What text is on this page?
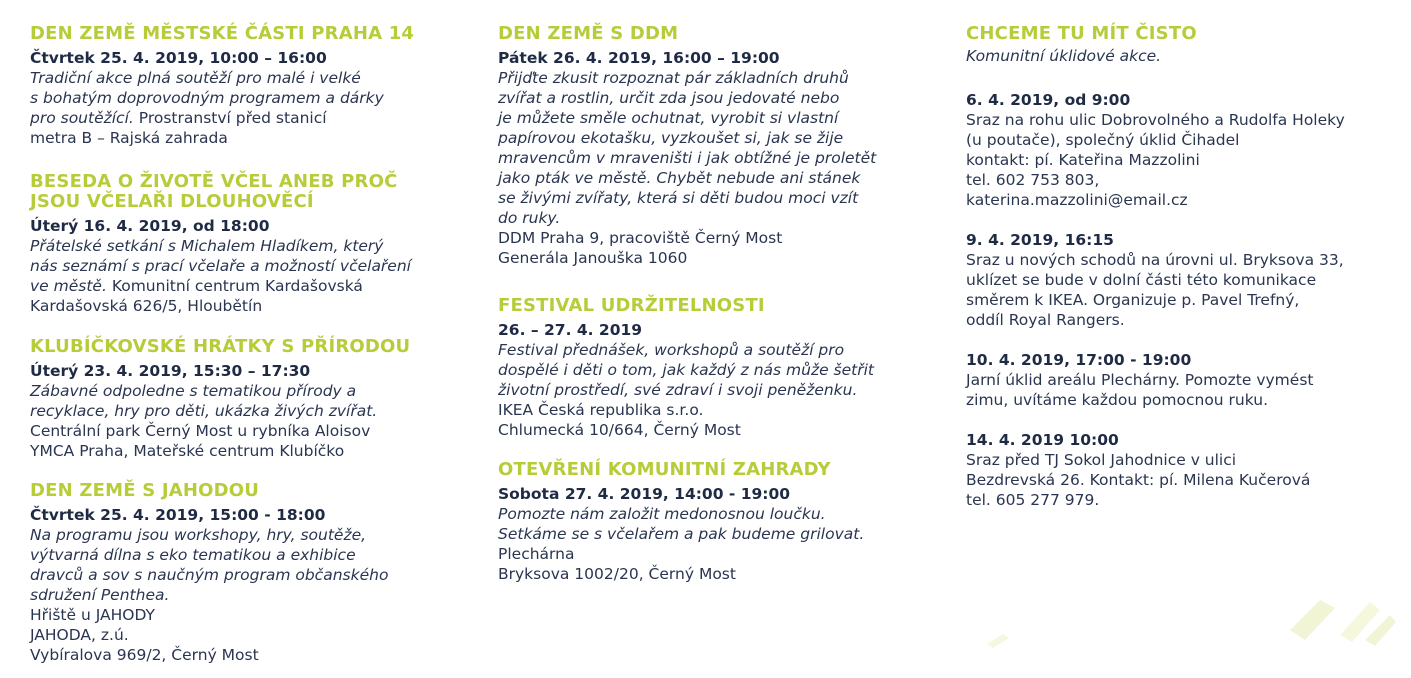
DEN ZEMĚ MĚSTSKÉ ČÁSTI PRAHA 14
Čtvrtek 25. 4. 2019, 10:00 – 16:00
Tradiční akce plná soutěží pro malé i velké
s bohatým doprovodným programem a dárky
pro soutěžící. Prostranství před stanicí
metra B – Rajská zahrada
BESEDA O ŽIVOTĚ VČEL ANEB PROČ
JSOU VČELAŘI DLOUHOVĚCÍ
Úterý 16. 4. 2019, od 18:00
Přátelské setkání s Michalem Hladíkem, který
nás seznámí s prací včelaře a možností včelaření
ve městě. Komunitní centrum Kardašovská
Kardašovská 626/5, Hloubětín
KLUBÍČKOVSKÉ HRÁTKY S PŘÍRODOU
Úterý 23. 4. 2019, 15:30 – 17:30
Zábavné odpoledne s tematikou přírody a
recyklace, hry pro děti, ukázka živých zvířat.
Centrální park Černý Most u rybníka Aloisov
YMCA Praha, Mateřské centrum Klubíčko
DEN ZEMĚ S JAHODOU
Čtvrtek 25. 4. 2019, 15:00 - 18:00
Na programu jsou workshopy, hry, soutěže,
výtvarná dílna s eko tematikou a exhibice
dravců a sov s naučným program občanského
sdružení Penthea.
Hřiště u JAHODY
JAHODA, z.ú.
Vybíralova 969/2, Černý Most
DEN ZEMĚ S DDM
Pátek 26. 4. 2019, 16:00 – 19:00
Přijďte zkusit rozpoznat pár základních druhů
zvířat a rostlin, určit zda jsou jedovaté nebo
je můžete směle ochutnat, vyrobit si vlastní
papírovou ekotašku, vyzkoušet si, jak se žije
mravencům v mraveništi i jak obtížné je proletět
jako pták ve městě. Chybět nebude ani stánek
se živými zvířaty, která si děti budou moci vzít
do ruky.
DDM Praha 9, pracoviště Černý Most
Generála Janouška 1060
FESTIVAL UDRŽITELNOSTI
26. – 27. 4. 2019
Festival přednášek, workshopů a soutěží pro
dospělé i děti o tom, jak každý z nás může šetřit
životní prostředí, své zdraví i svoji peněženku.
IKEA Česká republika s.r.o.
Chlumecká 10/664, Černý Most
OTEVŘENÍ KOMUNITNÍ ZAHRADY
Sobota 27. 4. 2019, 14:00 - 19:00
Pomozte nám založit medonosnou loučku.
Setkáme se s včelařem a pak budeme grilovat.
Plechárna
Bryksova 1002/20, Černý Most
CHCEME TU MÍT ČISTO
Komunitní úklidové akce.
6. 4. 2019, od 9:00
Sraz na rohu ulic Dobrovolného a Rudolfa Holeky
(u poutače), společný úklid Čihadel
kontakt: pí. Kateřina Mazzolini
tel. 602 753 803,
katerina.mazzolini@email.cz
9. 4. 2019, 16:15
Sraz u nových schodů na úrovni ul. Bryksova 33,
uklízet se bude v dolní části této komunikace
směrem k IKEA. Organizuje p. Pavel Trefný,
oddíl Royal Rangers.
10. 4. 2019, 17:00 - 19:00
Jarní úklid areálu Plechárny. Pomozte vymést
zimu, uvítáme každou pomocnou ruku.
14. 4. 2019 10:00
Sraz před TJ Sokol Jahodnice v ulici
Bezdrevská 26. Kontakt: pí. Milena Kučerová
tel. 605 277 979.
